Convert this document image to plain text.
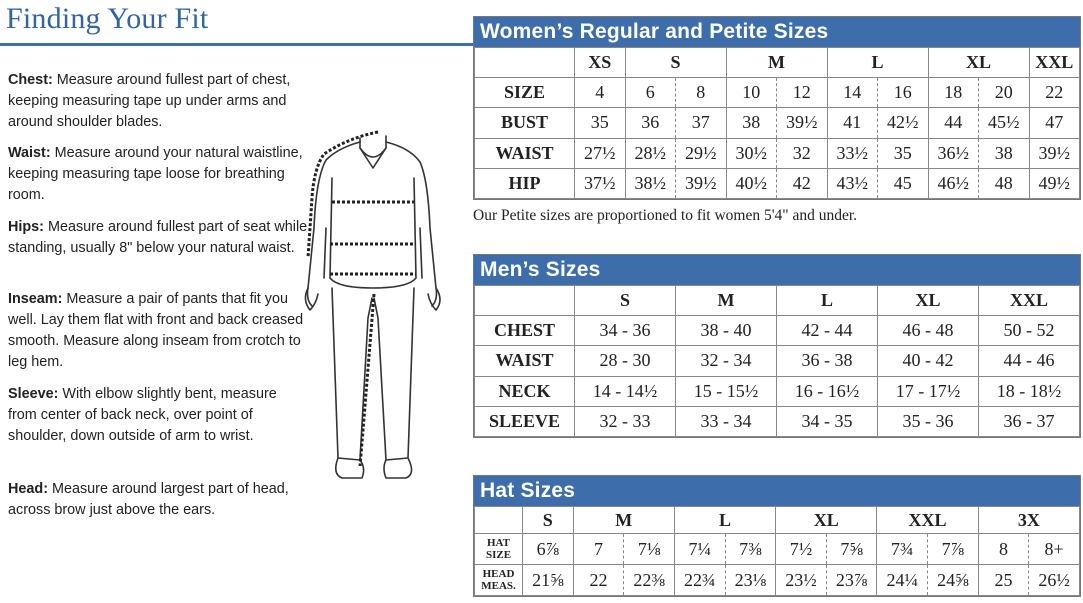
Finding Your Fit
Chest: Measure around fullest part of chest, keeping measuring tape up under arms and around shoulder blades.
Waist: Measure around your natural waistline, keeping measuring tape loose for breathing room.
Hips: Measure around fullest part of seat while standing, usually 8" below your natural waist.
Inseam: Measure a pair of pants that fit you well. Lay them flat with front and back creased smooth. Measure along inseam from crotch to leg hem.
Sleeve: With elbow slightly bent, measure from center of back neck, over point of shoulder, down outside of arm to wrist.
Head: Measure around largest part of head, across brow just above the ears.
Women’s Regular and Petite Sizes
	XS	S		M		L		XL		XXL
SIZE	4	6	8	10	12	14	16	18	20	22
BUST	35	36	37	38	39½	41	42½	44	45½	47
WAIST	27½	28½	29½	30½	32	33½	35	36½	38	39½
HIP	37½	38½	39½	40½	42	43½	45	46½	48	49½
Our Petite sizes are proportioned to fit women 5'4" and under.
Men’s Sizes
	S	M	L	XL	XXL
CHEST	34 - 36	38 - 40	42 - 44	46 - 48	50 - 52
WAIST	28 - 30	32 - 34	36 - 38	40 - 42	44 - 46
NECK	14 - 14½	15 - 15½	16 - 16½	17 - 17½	18 - 18½
SLEEVE	32 - 33	33 - 34	34 - 35	35 - 36	36 - 37
Hat Sizes
	S	M		L		XL		XXL		3X	
HAT
SIZE	6⅞	7	7⅛	7¼	7⅜	7½	7⅝	7¾	7⅞	8	8+
HEAD
MEAS.	21⅝	22	22⅜	22¾	23⅛	23½	23⅞	24¼	24⅝	25	26½
